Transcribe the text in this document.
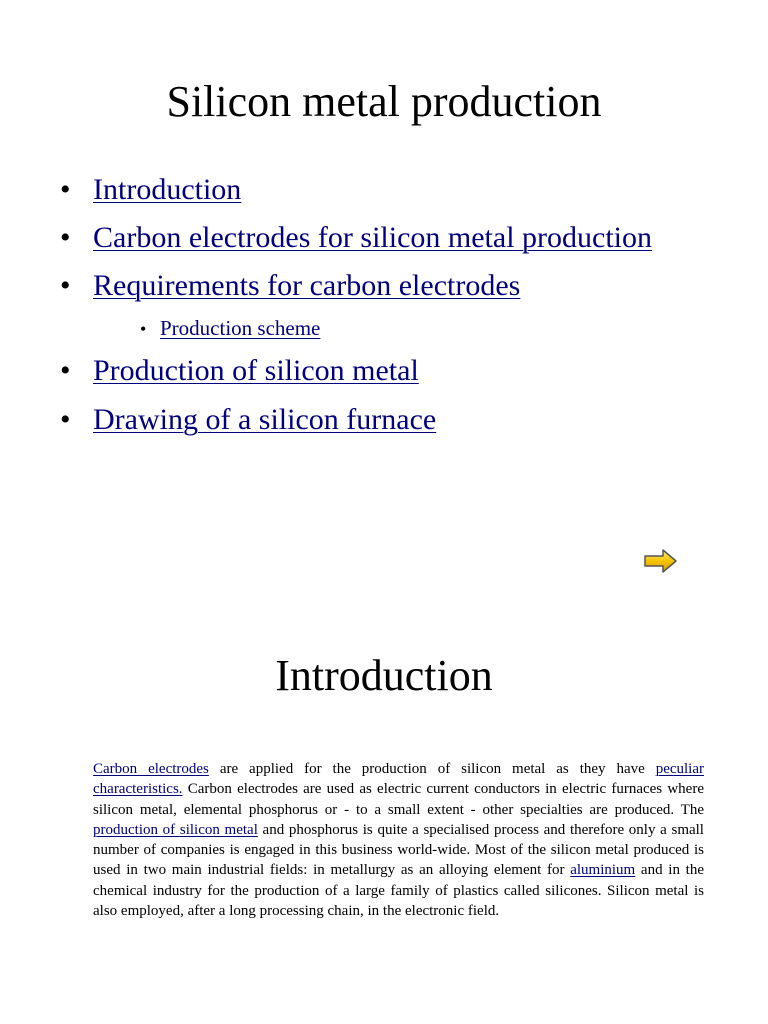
Silicon metal production
• Introduction
• Carbon electrodes for silicon metal production
• Requirements for carbon electrodes
• Production scheme
• Production of silicon metal
• Drawing of a silicon furnace
Introduction

Carbon electrodes are applied for the production of silicon metal as they have peculiar characteristics. Carbon electrodes are used as electric current conductors in electric furnaces where silicon metal, elemental phosphorus or - to a small extent - other specialties are produced. The production of silicon metal and phosphorus is quite a specialised process and therefore only a small number of companies is engaged in this business world-wide. Most of the silicon metal produced is used in two main industrial fields: in metallurgy as an alloying element for aluminium and in the chemical industry for the production of a large family of plastics called silicones. Silicon metal is also employed, after a long processing chain, in the electronic field.
